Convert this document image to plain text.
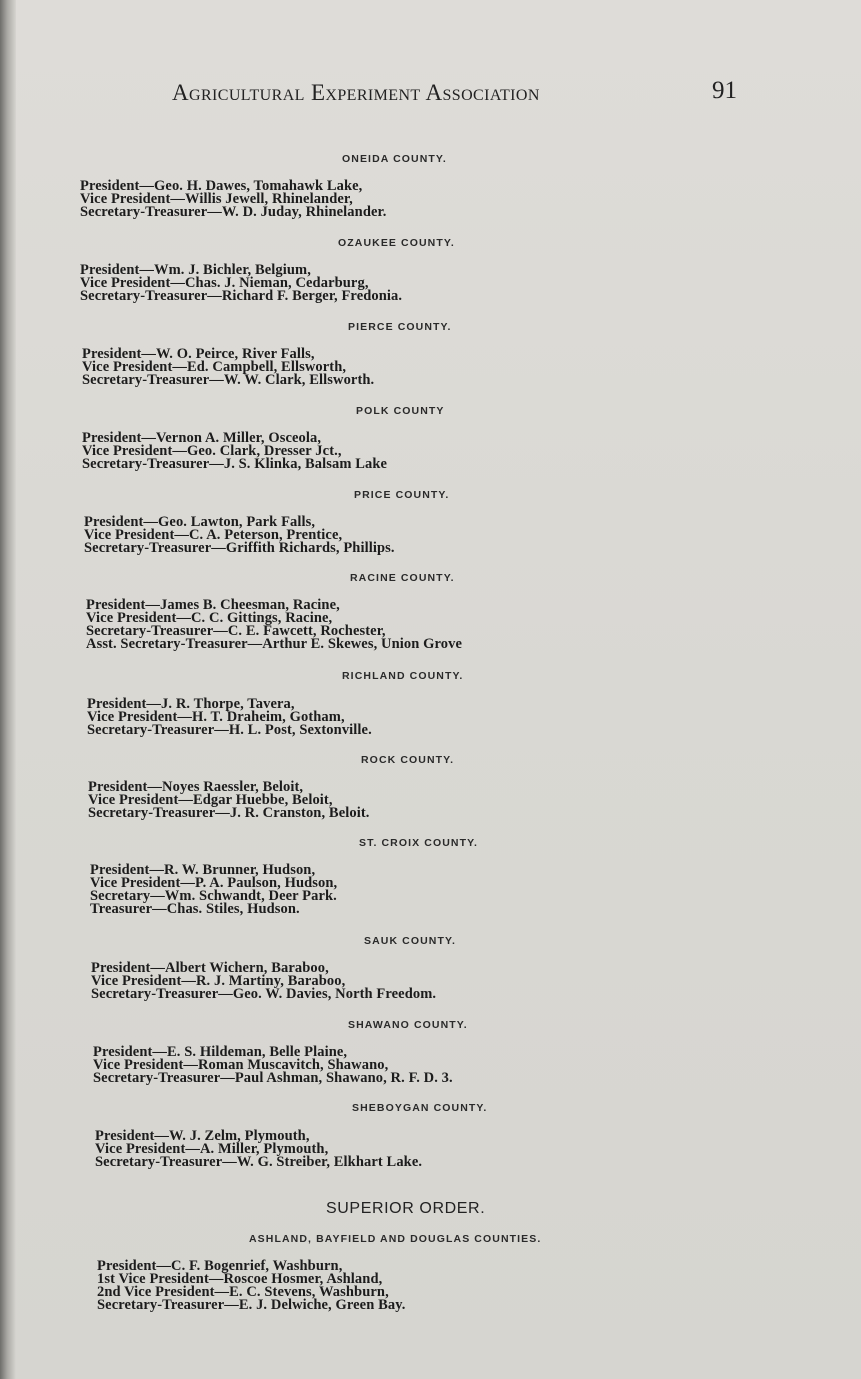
Agricultural Experiment Association	91
ONEIDA COUNTY.
President—Geo. H. Dawes, Tomahawk Lake,
Vice President—Willis Jewell, Rhinelander,
Secretary-Treasurer—W. D. Juday, Rhinelander.
OZAUKEE COUNTY.
President—Wm. J. Bichler, Belgium,
Vice President—Chas. J. Nieman, Cedarburg,
Secretary-Treasurer—Richard F. Berger, Fredonia.
PIERCE COUNTY.
President—W. O. Peirce, River Falls,
Vice President—Ed. Campbell, Ellsworth,
Secretary-Treasurer—W. W. Clark, Ellsworth.
POLK COUNTY
President—Vernon A. Miller, Osceola,
Vice President—Geo. Clark, Dresser Jct.,
Secretary-Treasurer—J. S. Klinka, Balsam Lake
PRICE COUNTY.
President—Geo. Lawton, Park Falls,
Vice President—C. A. Peterson, Prentice,
Secretary-Treasurer—Griffith Richards, Phillips.
RACINE COUNTY.
President—James B. Cheesman, Racine,
Vice President—C. C. Gittings, Racine,
Secretary-Treasurer—C. E. Fawcett, Rochester,
Asst. Secretary-Treasurer—Arthur E. Skewes, Union Grove
RICHLAND COUNTY.
President—J. R. Thorpe, Tavera,
Vice President—H. T. Draheim, Gotham,
Secretary-Treasurer—H. L. Post, Sextonville.
ROCK COUNTY.
President—Noyes Raessler, Beloit,
Vice President—Edgar Huebbe, Beloit,
Secretary-Treasurer—J. R. Cranston, Beloit.
ST. CROIX COUNTY.
President—R. W. Brunner, Hudson,
Vice President—P. A. Paulson, Hudson,
Secretary—Wm. Schwandt, Deer Park.
Treasurer—Chas. Stiles, Hudson.
SAUK COUNTY.
President—Albert Wichern, Baraboo,
Vice President—R. J. Martiny, Baraboo,
Secretary-Treasurer—Geo. W. Davies, North Freedom.
SHAWANO COUNTY.
President—E. S. Hildeman, Belle Plaine,
Vice President—Roman Muscavitch, Shawano,
Secretary-Treasurer—Paul Ashman, Shawano, R. F. D. 3.
SHEBOYGAN COUNTY.
President—W. J. Zelm, Plymouth,
Vice President—A. Miller, Plymouth,
Secretary-Treasurer—W. G. Streiber, Elkhart Lake.
SUPERIOR ORDER.
ASHLAND, BAYFIELD AND DOUGLAS COUNTIES.
President—C. F. Bogenrief, Washburn,
1st Vice President—Roscoe Hosmer, Ashland,
2nd Vice President—E. C. Stevens, Washburn,
Secretary-Treasurer—E. J. Delwiche, Green Bay.
